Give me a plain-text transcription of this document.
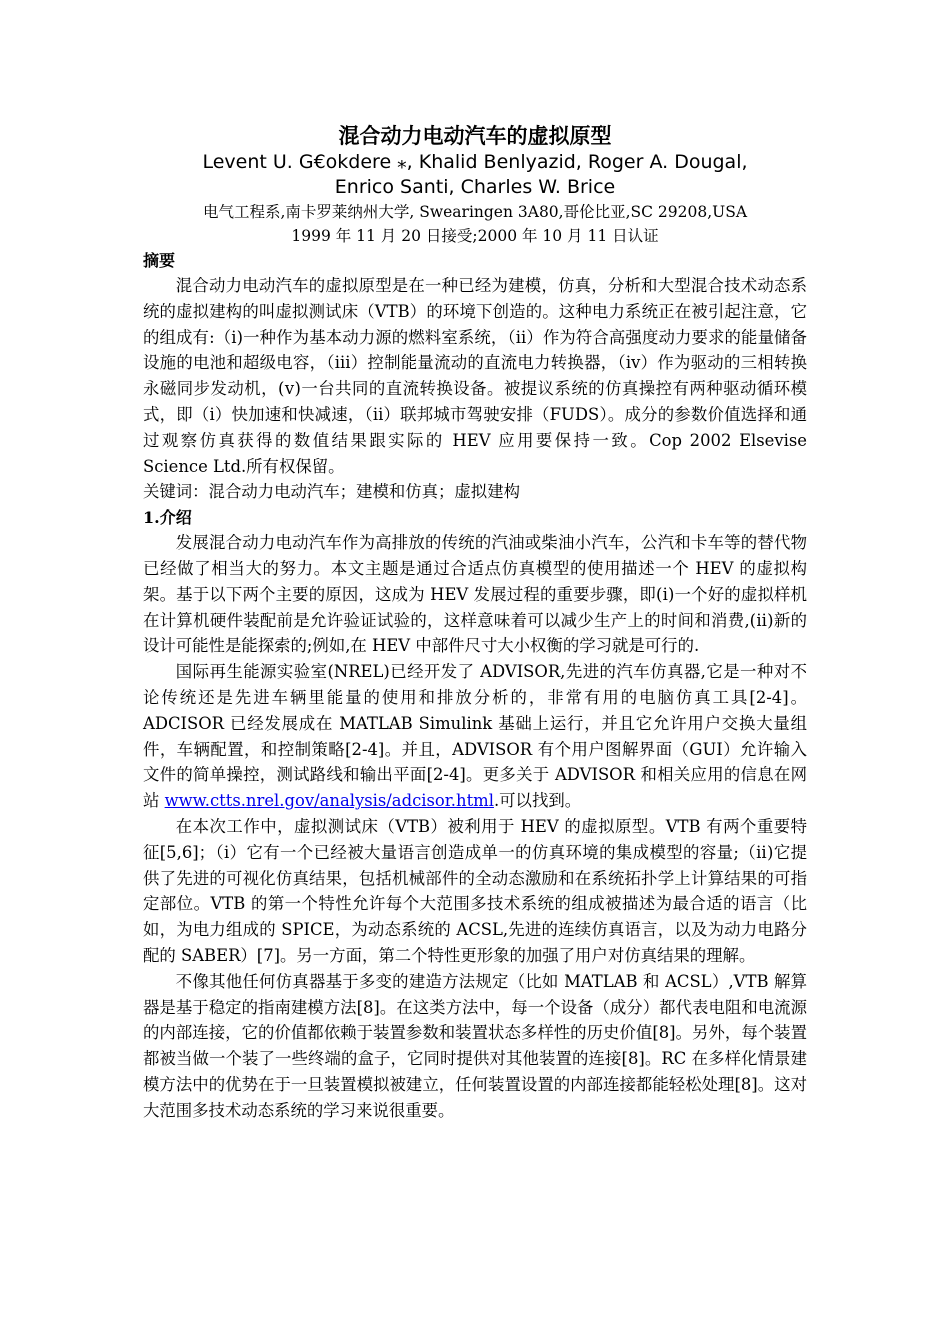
混合动力电动汽车的虚拟原型

Levent U. G€okdere ⁎, Khalid Benlyazid, Roger A. Dougal,

Enrico Santi, Charles W. Brice

电气工程系,南卡罗莱纳州大学, Swearingen 3A80,哥伦比亚,SC 29208,USA

1999 年 11 月 20 日接受;2000 年 10 月 11 日认证

摘要

混合动力电动汽车的虚拟原型是在一种已经为建模，仿真，分析和大型混合技术动态系统的虚拟建构的叫虚拟测试床（VTB）的环境下创造的。这种电力系统正在被引起注意，它的组成有:（ⅰ)一种作为基本动力源的燃料室系统，（ⅱ）作为符合高强度动力要求的能量储备设施的电池和超级电容，（ⅲ）控制能量流动的直流电力转换器，（ⅳ）作为驱动的三相转换永磁同步发动机，(ⅴ)一台共同的直流转换设备。被提议系统的仿真操控有两种驱动循环模式，即（ⅰ）快加速和快减速，（ⅱ）联邦城市驾驶安排（FUDS）。成分的参数价值选择和通过观察仿真获得的数值结果跟实际的 HEV 应用要保持一致。Cop 2002 Elsevise Science Ltd.所有权保留。

关键词：混合动力电动汽车；建模和仿真；虚拟建构

1.介绍

发展混合动力电动汽车作为高排放的传统的汽油或柴油小汽车，公汽和卡车等的替代物已经做了相当大的努力。本文主题是通过合适点仿真模型的使用描述一个 HEV 的虚拟构架。基于以下两个主要的原因，这成为 HEV 发展过程的重要步骤，即(ⅰ)一个好的虚拟样机在计算机硬件装配前是允许验证试验的，这样意味着可以减少生产上的时间和消费,(ⅱ)新的设计可能性是能探索的;例如,在 HEV 中部件尺寸大小权衡的学习就是可行的.

国际再生能源实验室(NREL)已经开发了 ADVISOR,先进的汽车仿真器,它是一种对不论传统还是先进车辆里能量的使用和排放分析的，非常有用的电脑仿真工具[2-4]。ADCISOR 已经发展成在 MATLAB Simulink 基础上运行，并且它允许用户交换大量组件，车辆配置，和控制策略[2-4]。并且，ADVISOR 有个用户图解界面（GUI）允许输入文件的简单操控，测试路线和输出平面[2-4]。更多关于 ADVISOR 和相关应用的信息在网站 www.ctts.nrel.gov/analysis/adcisor.html.可以找到。

在本次工作中，虚拟测试床（VTB）被利用于 HEV 的虚拟原型。VTB 有两个重要特征[5,6]；（ⅰ）它有一个已经被大量语言创造成单一的仿真环境的集成模型的容量;（ⅱ)它提供了先进的可视化仿真结果，包括机械部件的全动态激励和在系统拓扑学上计算结果的可指定部位。VTB 的第一个特性允许每个大范围多技术系统的组成被描述为最合适的语言（比如，为电力组成的 SPICE，为动态系统的 ACSL,先进的连续仿真语言，以及为动力电路分配的 SABER）[7]。另一方面，第二个特性更形象的加强了用户对仿真结果的理解。

不像其他任何仿真器基于多变的建造方法规定（比如 MATLAB 和 ACSL）,VTB 解算器是基于稳定的指南建模方法[8]。在这类方法中，每一个设备（成分）都代表电阻和电流源的内部连接，它的价值都依赖于装置参数和装置状态多样性的历史价值[8]。另外，每个装置都被当做一个装了一些终端的盒子，它同时提供对其他装置的连接[8]。RC 在多样化情景建模方法中的优势在于一旦装置模拟被建立，任何装置设置的内部连接都能轻松处理[8]。这对大范围多技术动态系统的学习来说很重要。
